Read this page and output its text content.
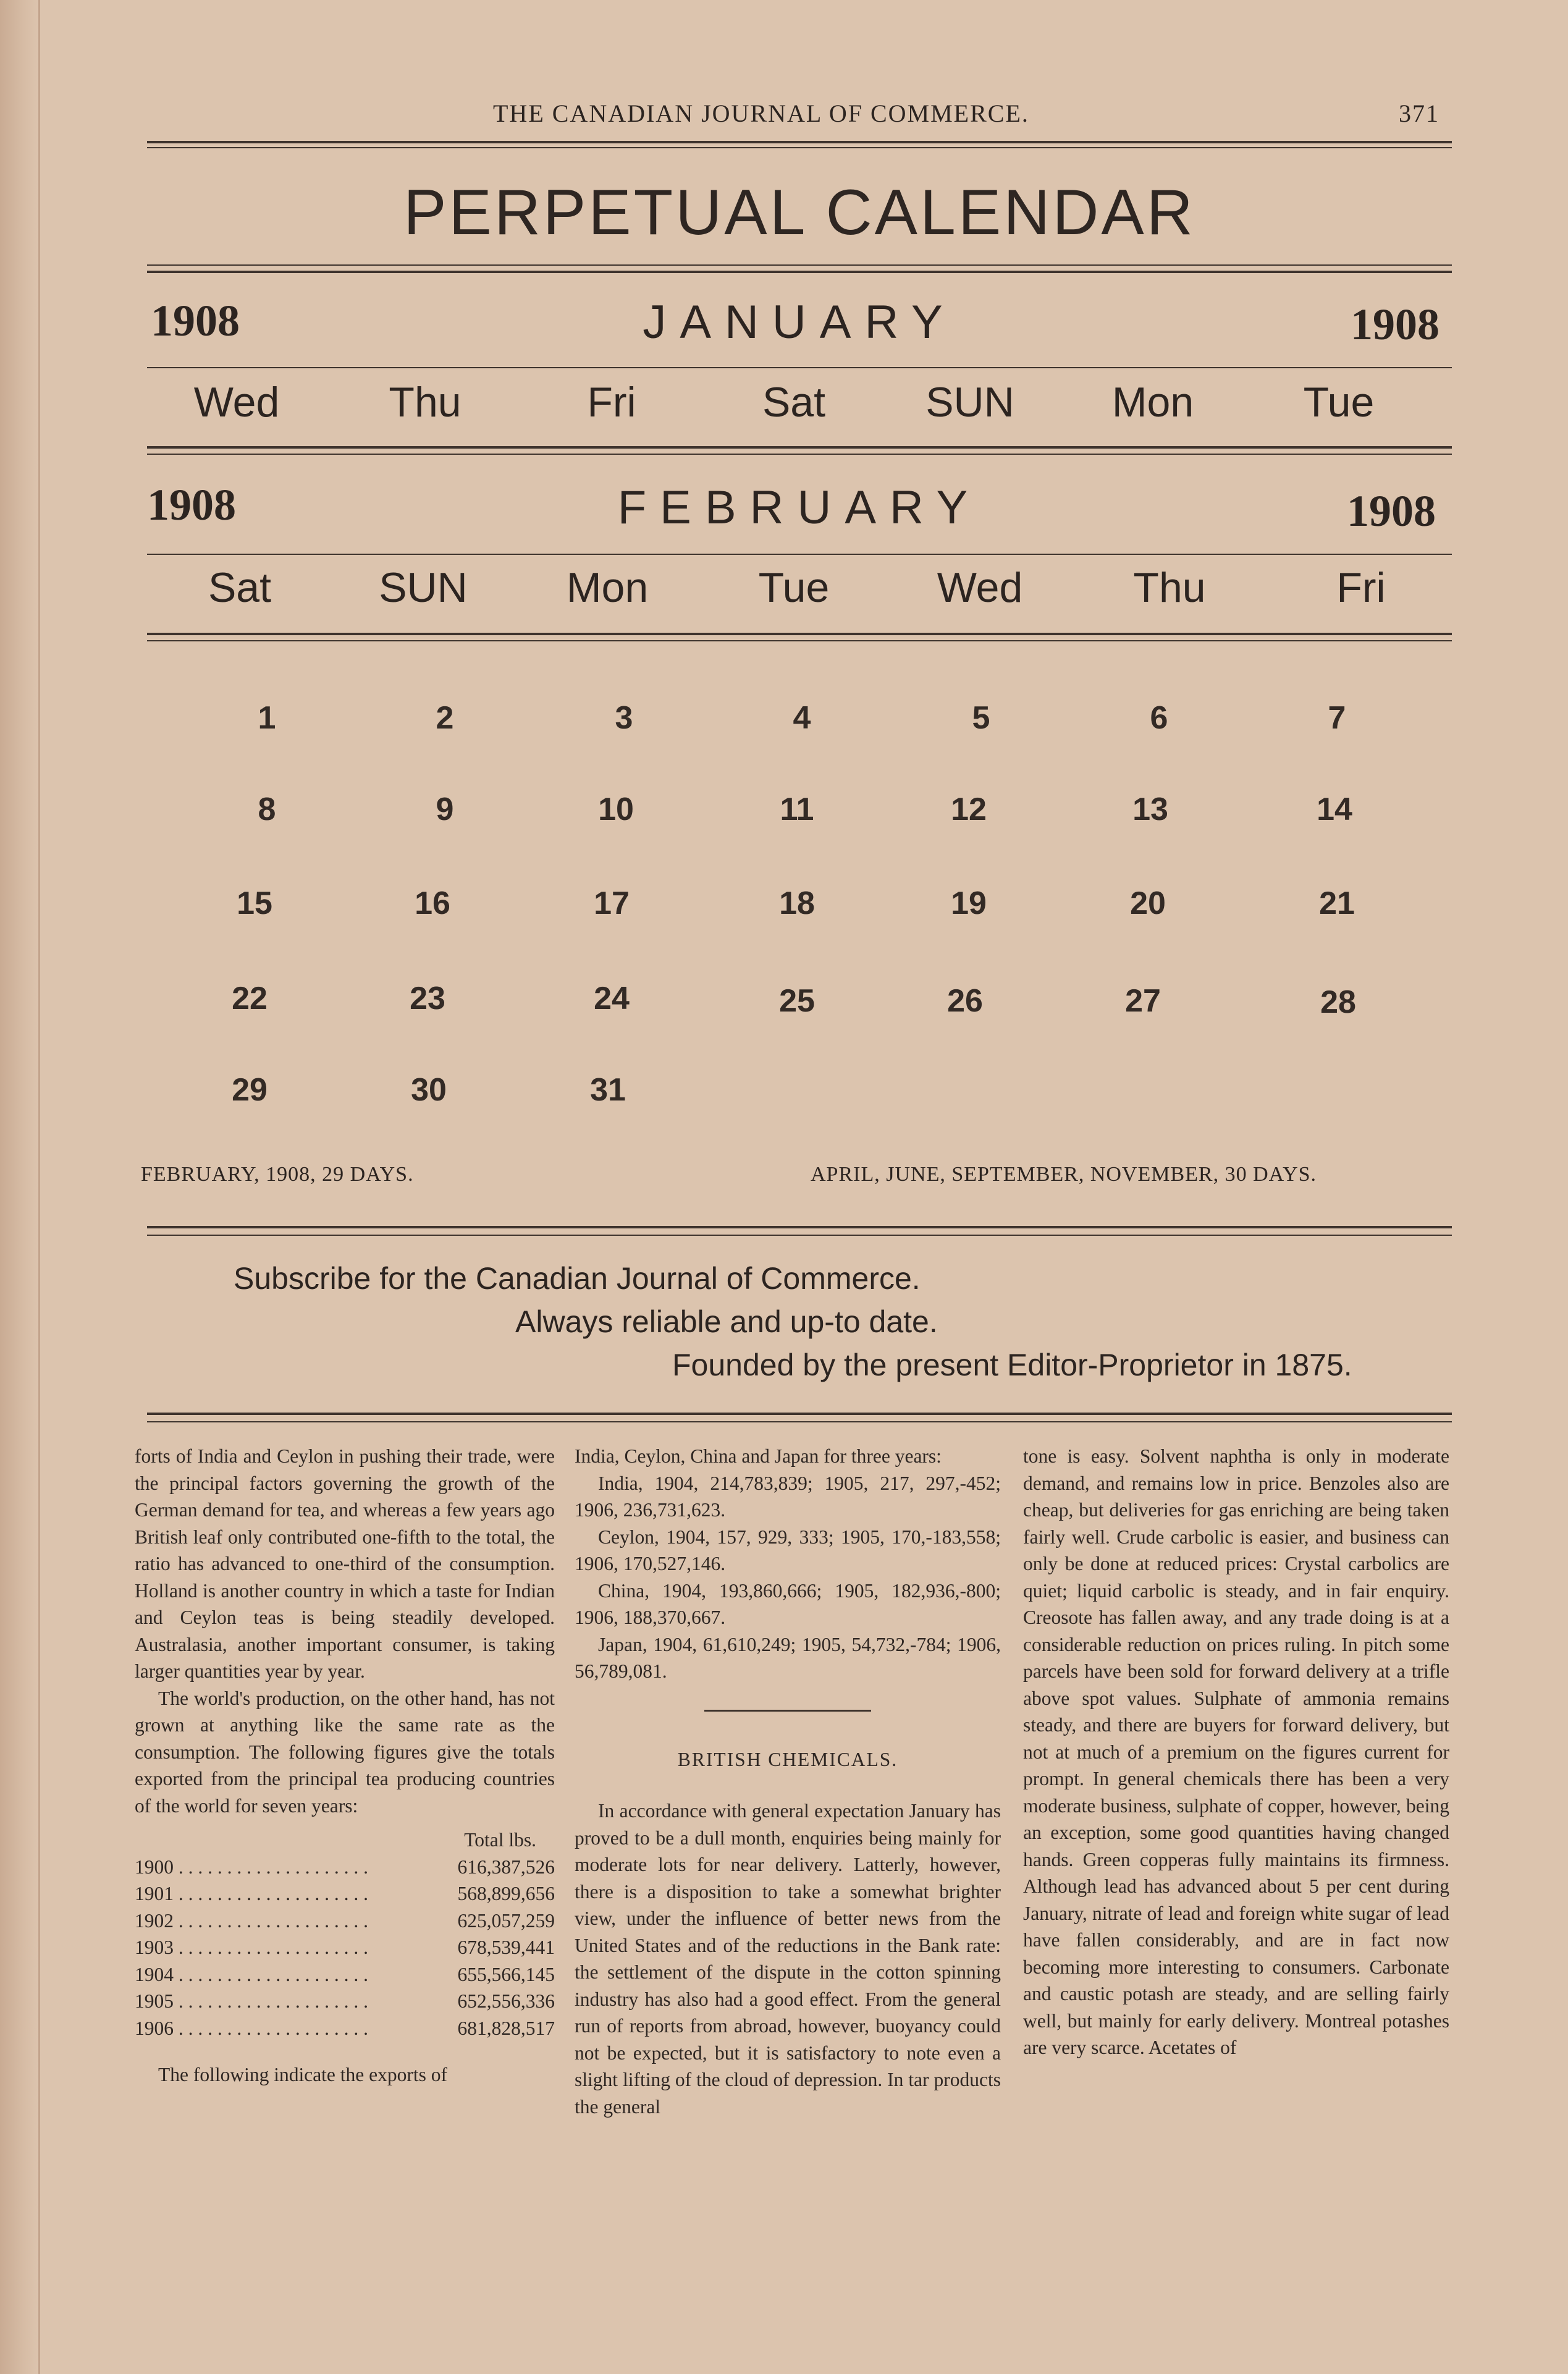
THE CANADIAN JOURNAL OF COMMERCE.	371
PERPETUAL CALENDAR
1908	JANUARY	1908
Wed	Thu	Fri	Sat	SUN	Mon	Tue
1908	FEBRUARY	1908
Sat	SUN	Mon	Tue	Wed	Thu	Fri
1	2	3	4	5	6	7
8	9	10	11	12	13	14
15	16	17	18	19	20	21
22	23	24	25	26	27	28
29	30	31
FEBRUARY, 1908, 29 DAYS.	APRIL, JUNE, SEPTEMBER, NOVEMBER, 30 DAYS.
Subscribe for the Canadian Journal of Commerce.
Always reliable and up-to date.
Founded by the present Editor-Proprietor in 1875.

forts of India and Ceylon in pushing their trade, were the principal factors governing the growth of the German demand for tea, and whereas a few years ago British leaf only contributed one-fifth to the total, the ratio has advanced to one-third of the consumption. Holland is another country in which a taste for Indian and Ceylon teas is being steadily developed. Australasia, another important consumer, is taking larger quantities year by year.

The world's production, on the other hand, has not grown at anything like the same rate as the consumption. The following figures give the totals exported from the principal tea producing countries of the world for seven years:

Total lbs.
1900 . . . . . . . . . . . . . . . . . . . .	616,387,526
1901 . . . . . . . . . . . . . . . . . . . .	568,899,656
1902 . . . . . . . . . . . . . . . . . . . .	625,057,259
1903 . . . . . . . . . . . . . . . . . . . .	678,539,441
1904 . . . . . . . . . . . . . . . . . . . .	655,566,145
1905 . . . . . . . . . . . . . . . . . . . .	652,556,336
1906 . . . . . . . . . . . . . . . . . . . .	681,828,517

The following indicate the exports of

India, Ceylon, China and Japan for three years:

India, 1904, 214,783,839; 1905, 217, 297,-452; 1906, 236,731,623.

Ceylon, 1904, 157, 929, 333; 1905, 170,-183,558; 1906, 170,527,146.

China, 1904, 193,860,666; 1905, 182,936,-800; 1906, 188,370,667.

Japan, 1904, 61,610,249; 1905, 54,732,-784; 1906, 56,789,081.

BRITISH CHEMICALS.

In accordance with general expectation January has proved to be a dull month, enquiries being mainly for moderate lots for near delivery. Latterly, however, there is a disposition to take a somewhat brighter view, under the influence of better news from the United States and of the reductions in the Bank rate: the settlement of the dispute in the cotton spinning industry has also had a good effect. From the general run of reports from abroad, however, buoyancy could not be expected, but it is satisfactory to note even a slight lifting of the cloud of depression. In tar products the general

tone is easy. Solvent naphtha is only in moderate demand, and remains low in price. Benzoles also are cheap, but deliveries for gas enriching are being taken fairly well. Crude carbolic is easier, and business can only be done at reduced prices: Crystal carbolics are quiet; liquid carbolic is steady, and in fair enquiry. Creosote has fallen away, and any trade doing is at a considerable reduction on prices ruling. In pitch some parcels have been sold for forward delivery at a trifle above spot values. Sulphate of ammonia remains steady, and there are buyers for forward delivery, but not at much of a premium on the figures current for prompt. In general chemicals there has been a very moderate business, sulphate of copper, however, being an exception, some good quantities having changed hands. Green copperas fully maintains its firmness. Although lead has advanced about 5 per cent during January, nitrate of lead and foreign white sugar of lead have fallen considerably, and are in fact now becoming more interesting to consumers. Carbonate and caustic potash are steady, and are selling fairly well, but mainly for early delivery. Montreal potashes are very scarce. Acetates of
